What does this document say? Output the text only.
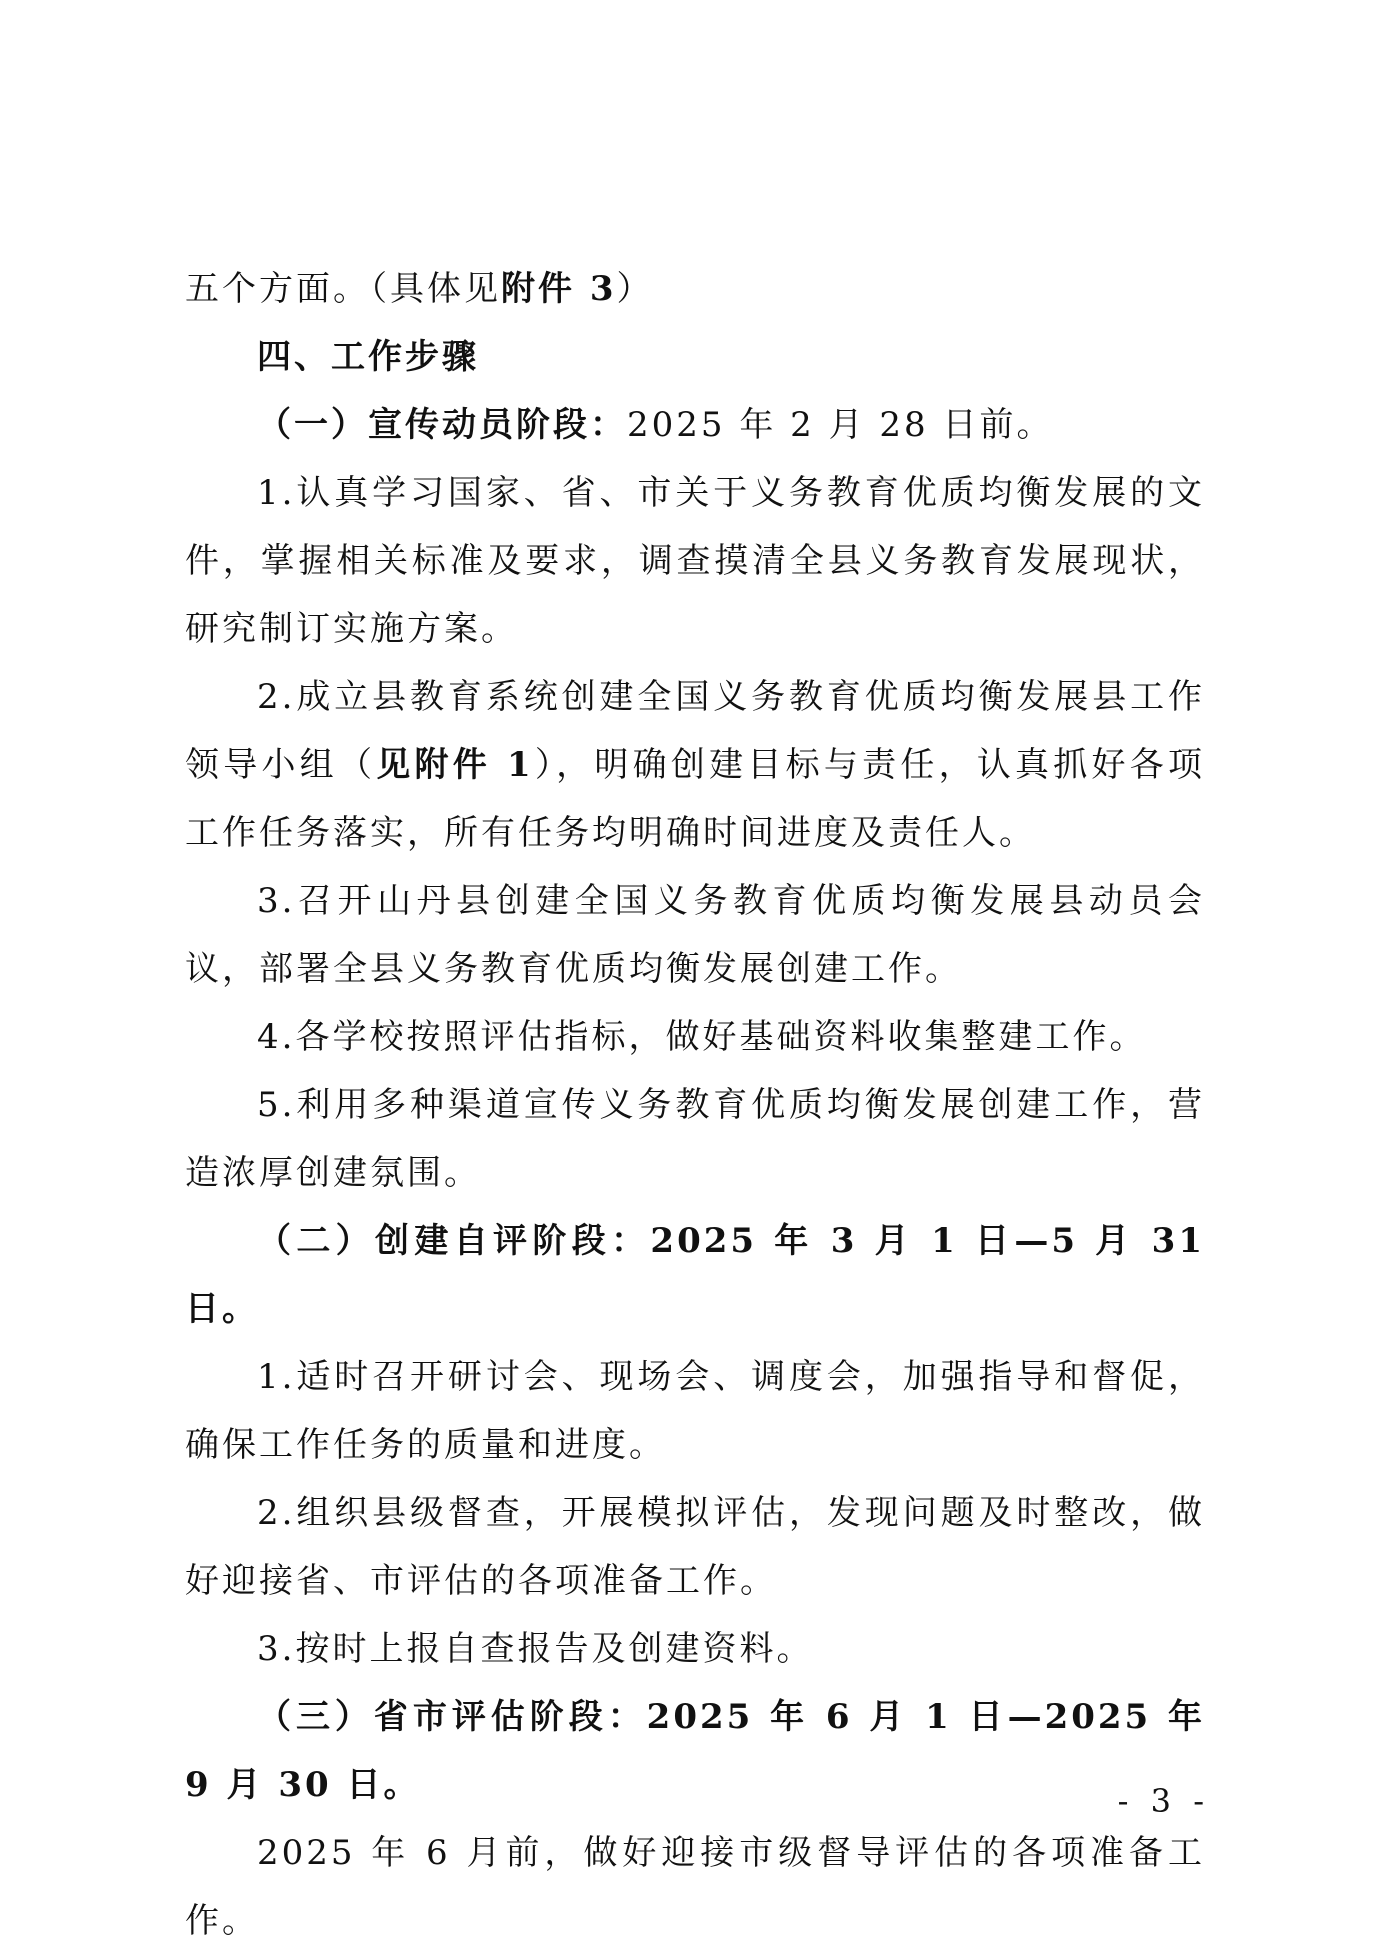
五个方面。（具体见附件 3）

四、工作步骤

（一）宣传动员阶段：2025 年 2 月 28 日前。

1.认真学习国家、省、市关于义务教育优质均衡发展的文件，掌握相关标准及要求，调查摸清全县义务教育发展现状，研究制订实施方案。

2.成立县教育系统创建全国义务教育优质均衡发展县工作领导小组（见附件 1），明确创建目标与责任，认真抓好各项工作任务落实，所有任务均明确时间进度及责任人。

3.召开山丹县创建全国义务教育优质均衡发展县动员会议，部署全县义务教育优质均衡发展创建工作。

4.各学校按照评估指标，做好基础资料收集整建工作。

5.利用多种渠道宣传义务教育优质均衡发展创建工作，营造浓厚创建氛围。

（二）创建自评阶段：2025 年 3 月 1 日—5 月 31 日。

1.适时召开研讨会、现场会、调度会，加强指导和督促，确保工作任务的质量和进度。

2.组织县级督查，开展模拟评估，发现问题及时整改，做好迎接省、市评估的各项准备工作。

3.按时上报自查报告及创建资料。

（三）省市评估阶段：2025 年 6 月 1 日—2025 年 9 月 30 日。

2025 年 6 月前，做好迎接市级督导评估的各项准备工作。

- 3 -
